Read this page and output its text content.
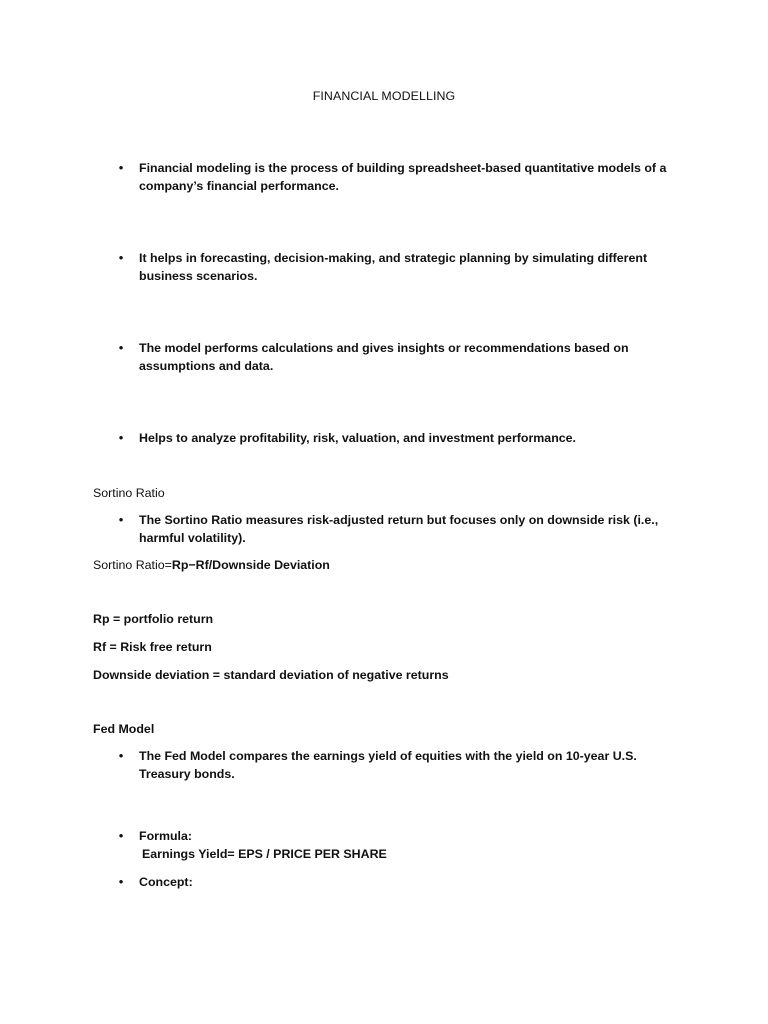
FINANCIAL MODELLING
• Financial modeling is the process of building spreadsheet-based quantitative models of a company’s financial performance.
• It helps in forecasting, decision-making, and strategic planning by simulating different business scenarios.
• The model performs calculations and gives insights or recommendations based on assumptions and data.
• Helps to analyze profitability, risk, valuation, and investment performance.
Sortino Ratio
• The Sortino Ratio measures risk-adjusted return but focuses only on downside risk (i.e., harmful volatility).
Sortino Ratio=Rp−Rf/Downside Deviation
Rp = portfolio return
Rf = Risk free return
Downside deviation = standard deviation of negative returns
Fed Model
• The Fed Model compares the earnings yield of equities with the yield on 10-year U.S. Treasury bonds.
• Formula:
Earnings Yield= EPS / PRICE PER SHARE
• Concept:
